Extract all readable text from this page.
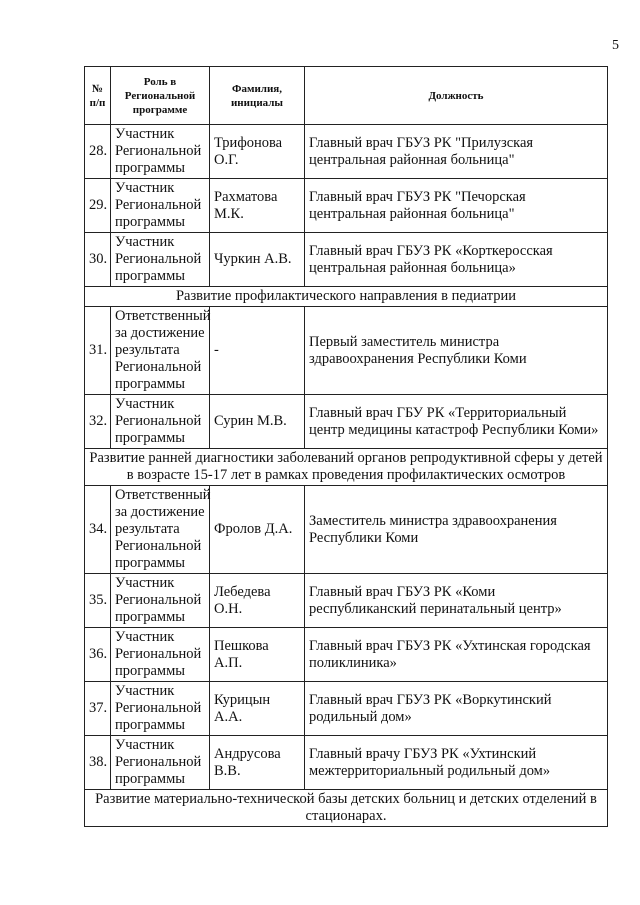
5
№ п/п	Роль в Региональной программе	Фамилия, инициалы	Должность
28.	Участник Региональной программы	Трифонова О.Г.	Главный врач ГБУЗ РК "Прилузская центральная районная больница"
29.	Участник Региональной программы	Рахматова М.К.	Главный врач ГБУЗ РК "Печорская центральная районная больница"
30.	Участник Региональной программы	Чуркин А.В.	Главный врач ГБУЗ РК «Корткеросская центральная районная больница»
Развитие профилактического направления в педиатрии			
31.	Ответственный за достижение результата Региональной программы	-	Первый заместитель министра здравоохранения Республики Коми
32.	Участник Региональной программы	Сурин М.В.	Главный врач ГБУ РК «Территориальный центр медицины катастроф Республики Коми»
Развитие ранней диагностики заболеваний органов репродуктивной сферы у детей в возрасте 15-17 лет в рамках проведения профилактических осмотров			
34.	Ответственный за достижение результата Региональной программы	Фролов Д.А.	Заместитель министра здравоохранения Республики Коми
35.	Участник Региональной программы	Лебедева О.Н.	Главный врач ГБУЗ РК «Коми республиканский перинатальный центр»
36.	Участник Региональной программы	Пешкова А.П.	Главный врач ГБУЗ РК «Ухтинская городская поликлиника»
37.	Участник Региональной программы	Курицын А.А.	Главный врач ГБУЗ РК «Воркутинский родильный дом»
38.	Участник Региональной программы	Андрусова В.В.	Главный врачу ГБУЗ РК «Ухтинский межтерриториальный родильный дом»
Развитие материально-технической базы детских больниц и детских отделений в стационарах.			
